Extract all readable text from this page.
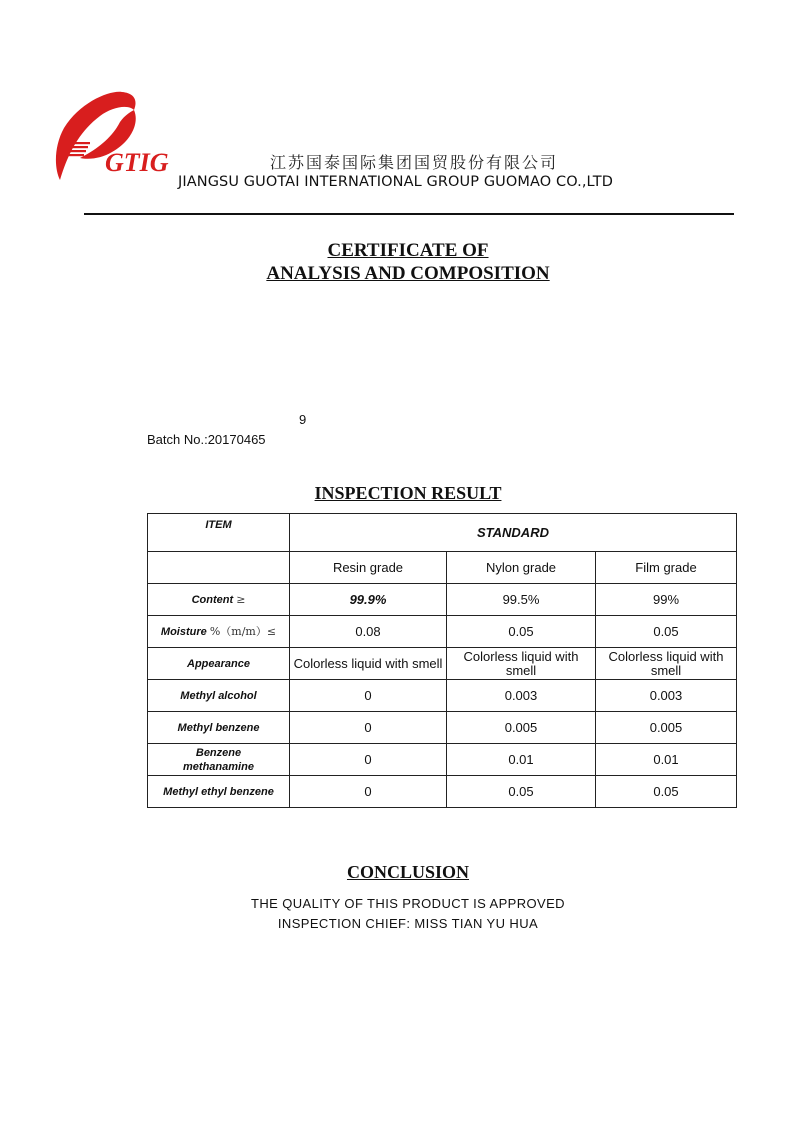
GTIG	江苏国泰国际集团国贸股份有限公司
JIANGSU GUOTAI INTERNATIONAL GROUP GUOMAO CO.,LTD
CERTIFICATE OF
ANALYSIS AND COMPOSITION
9
Batch No.:20170465
INSPECTION RESULT
ITEM	STANDARD		
	Resin grade	Nylon grade	Film grade
Content ≥	99.9%	99.5%	99%
Moisture %（m/m）≤	0.08	0.05	0.05
Appearance	Colorless liquid with smell	Colorless liquid with smell	Colorless liquid with smell
Methyl alcohol	0	0.003	0.003
Methyl benzene	0	0.005	0.005
Benzene methanamine	0	0.01	0.01
Methyl ethyl benzene	0	0.05	0.05
CONCLUSION
THE QUALITY OF THIS PRODUCT IS APPROVED
INSPECTION CHIEF: MISS TIAN YU HUA
